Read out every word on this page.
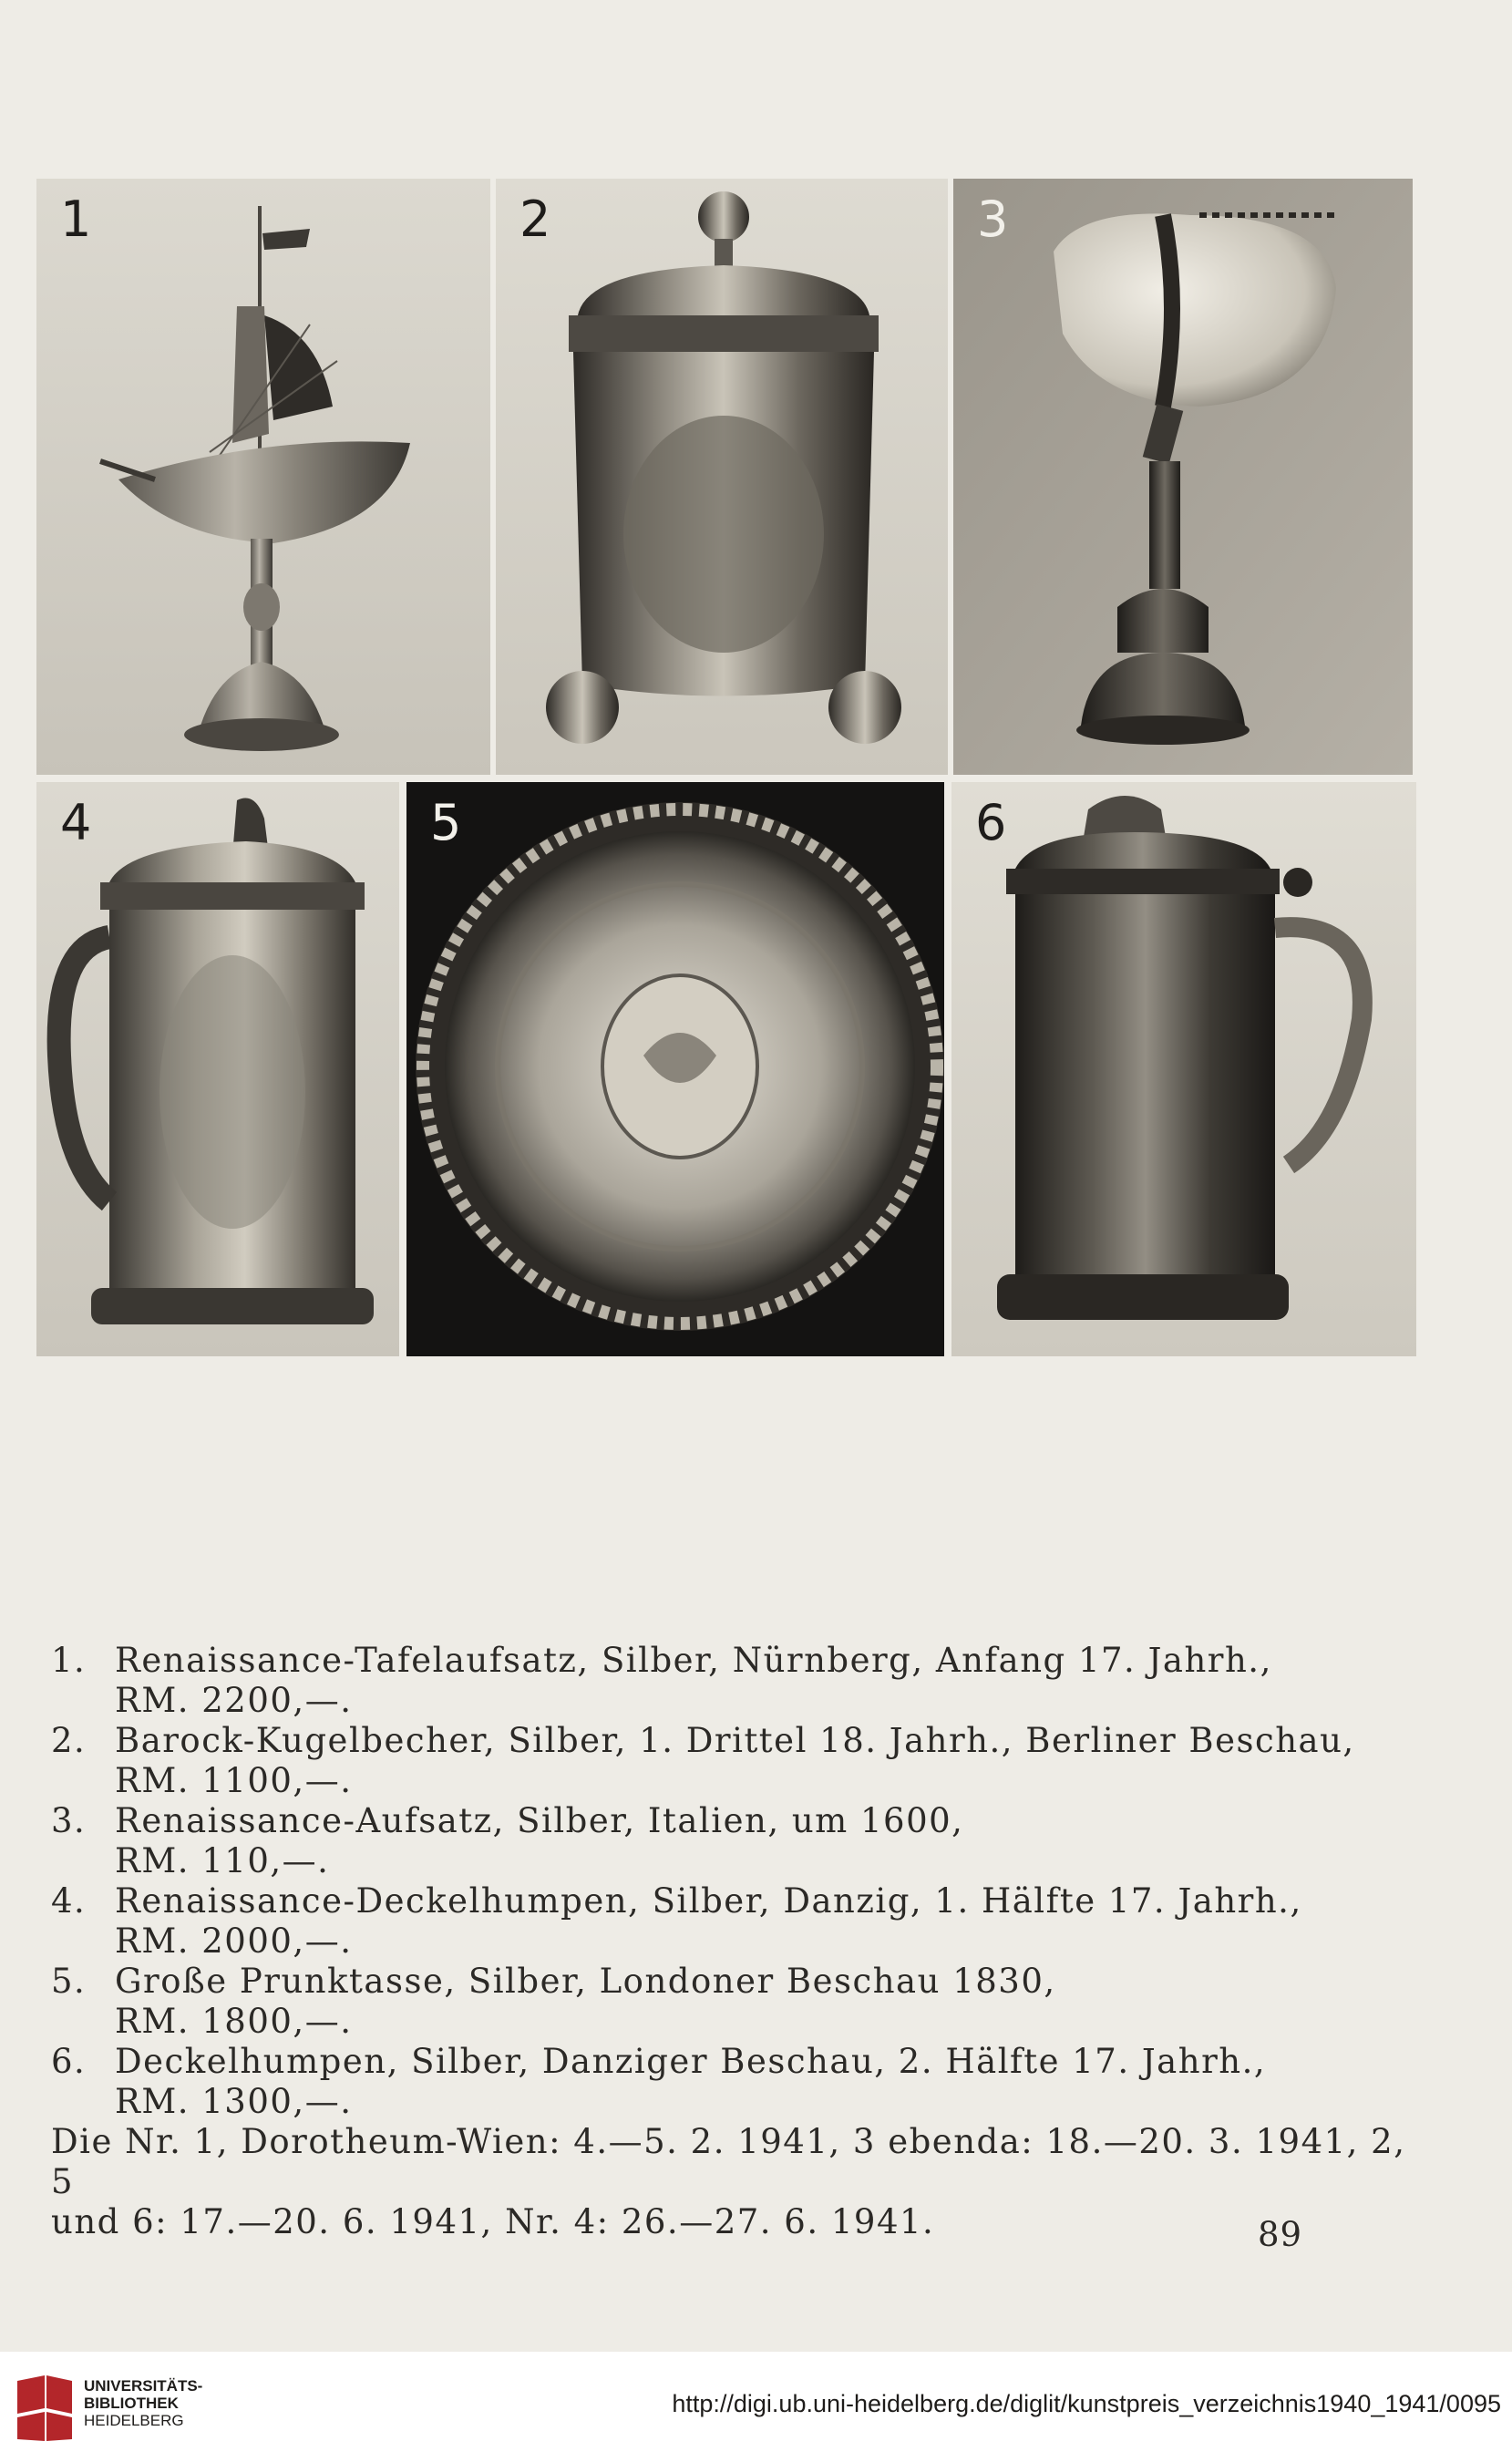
1	2	3
4	5	6
1. Renaissance-Tafelaufsatz, Silber, Nürnberg, Anfang 17. Jahrh.,
RM. 2200,—.
2. Barock-Kugelbecher, Silber, 1. Drittel 18. Jahrh., Berliner Beschau,
RM. 1100,—.
3. Renaissance-Aufsatz, Silber, Italien, um 1600,
RM. 110,—.
4. Renaissance-Deckelhumpen, Silber, Danzig, 1. Hälfte 17. Jahrh.,
RM. 2000,—.
5. Große Prunktasse, Silber, Londoner Beschau 1830,
RM. 1800,—.
6. Deckelhumpen, Silber, Danziger Beschau, 2. Hälfte 17. Jahrh.,
RM. 1300,—.
Die Nr. 1, Dorotheum-Wien: 4.—5. 2. 1941, 3 ebenda: 18.—20. 3. 1941, 2, 5
und 6: 17.—20. 6. 1941, Nr. 4: 26.—27. 6. 1941.	89
UNIVERSITÄTS-
BIBLIOTHEK
HEIDELBERG
http://digi.ub.uni-heidelberg.de/diglit/kunstpreis_verzeichnis1940_1941/0095
